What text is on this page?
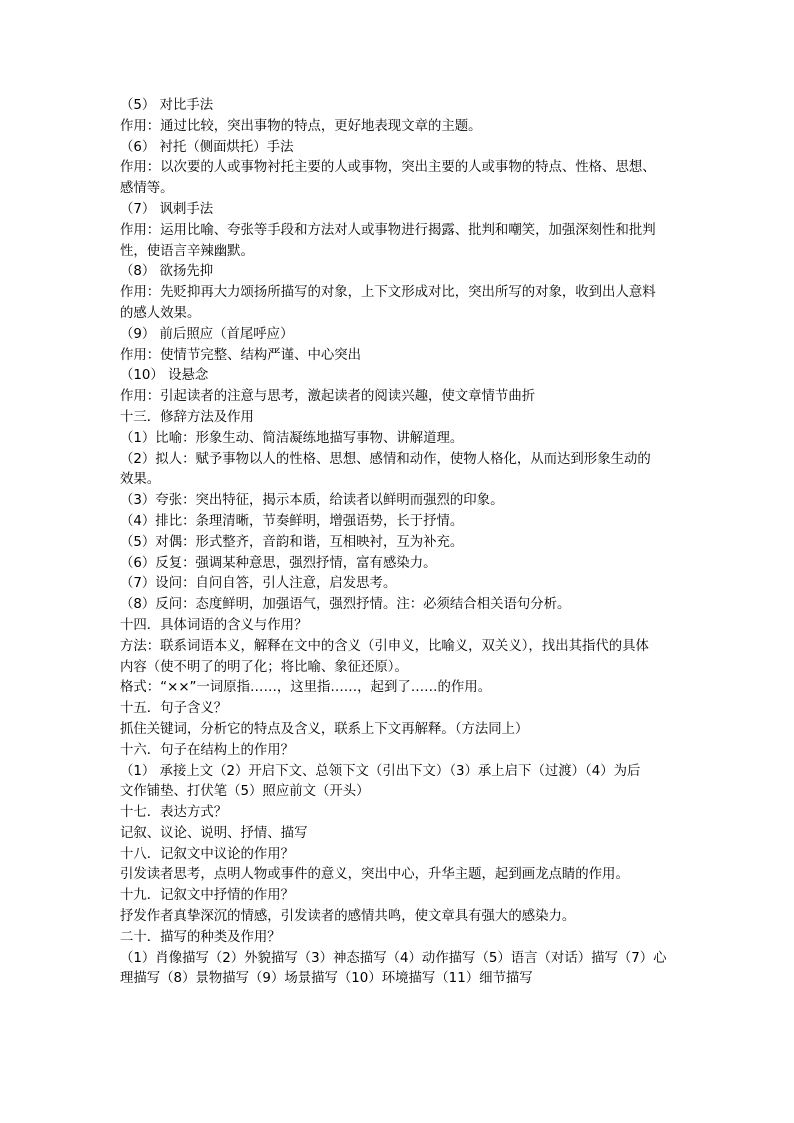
（5） 对比手法
作用：通过比较，突出事物的特点，更好地表现文章的主题。
（6） 衬托（侧面烘托）手法
作用：以次要的人或事物衬托主要的人或事物，突出主要的人或事物的特点、性格、思想、
感情等。
（7） 讽刺手法
作用：运用比喻、夸张等手段和方法对人或事物进行揭露、批判和嘲笑，加强深刻性和批判
性，使语言辛辣幽默。
（8） 欲扬先抑
作用：先贬抑再大力颂扬所描写的对象，上下文形成对比，突出所写的对象，收到出人意料
的感人效果。
（9） 前后照应（首尾呼应）
作用：使情节完整、结构严谨、中心突出
（10） 设悬念
作用：引起读者的注意与思考，激起读者的阅读兴趣，使文章情节曲折
十三．修辞方法及作用
（1）比喻：形象生动、简洁凝练地描写事物、讲解道理。
（2）拟人：赋予事物以人的性格、思想、感情和动作，使物人格化，从而达到形象生动的
效果。
（3）夸张：突出特征，揭示本质，给读者以鲜明而强烈的印象。
（4）排比：条理清晰，节奏鲜明，增强语势，长于抒情。
（5）对偶：形式整齐，音韵和谐，互相映衬，互为补充。
（6）反复：强调某种意思，强烈抒情，富有感染力。
（7）设问：自问自答，引人注意，启发思考。
（8）反问：态度鲜明，加强语气，强烈抒情。注：必须结合相关语句分析。
十四．具体词语的含义与作用？
方法：联系词语本义，解释在文中的含义（引申义，比喻义，双关义），找出其指代的具体
内容（使不明了的明了化；将比喻、象征还原）。
格式：“××”一词原指……，这里指……，起到了……的作用。
十五．句子含义？
抓住关键词，分析它的特点及含义，联系上下文再解释。（方法同上）
十六．句子在结构上的作用？
（1） 承接上文（2）开启下文、总领下文（引出下文）（3）承上启下（过渡）（4）为后
文作铺垫、打伏笔（5）照应前文（开头）
十七．表达方式？
记叙、议论、说明、抒情、描写
十八．记叙文中议论的作用？
引发读者思考，点明人物或事件的意义，突出中心，升华主题，起到画龙点睛的作用。
十九．记叙文中抒情的作用？
抒发作者真挚深沉的情感，引发读者的感情共鸣，使文章具有强大的感染力。
二十．描写的种类及作用？
（1）肖像描写（2）外貌描写（3）神态描写（4）动作描写（5）语言（对话）描写（7）心
理描写（8）景物描写（9）场景描写（10）环境描写（11）细节描写
